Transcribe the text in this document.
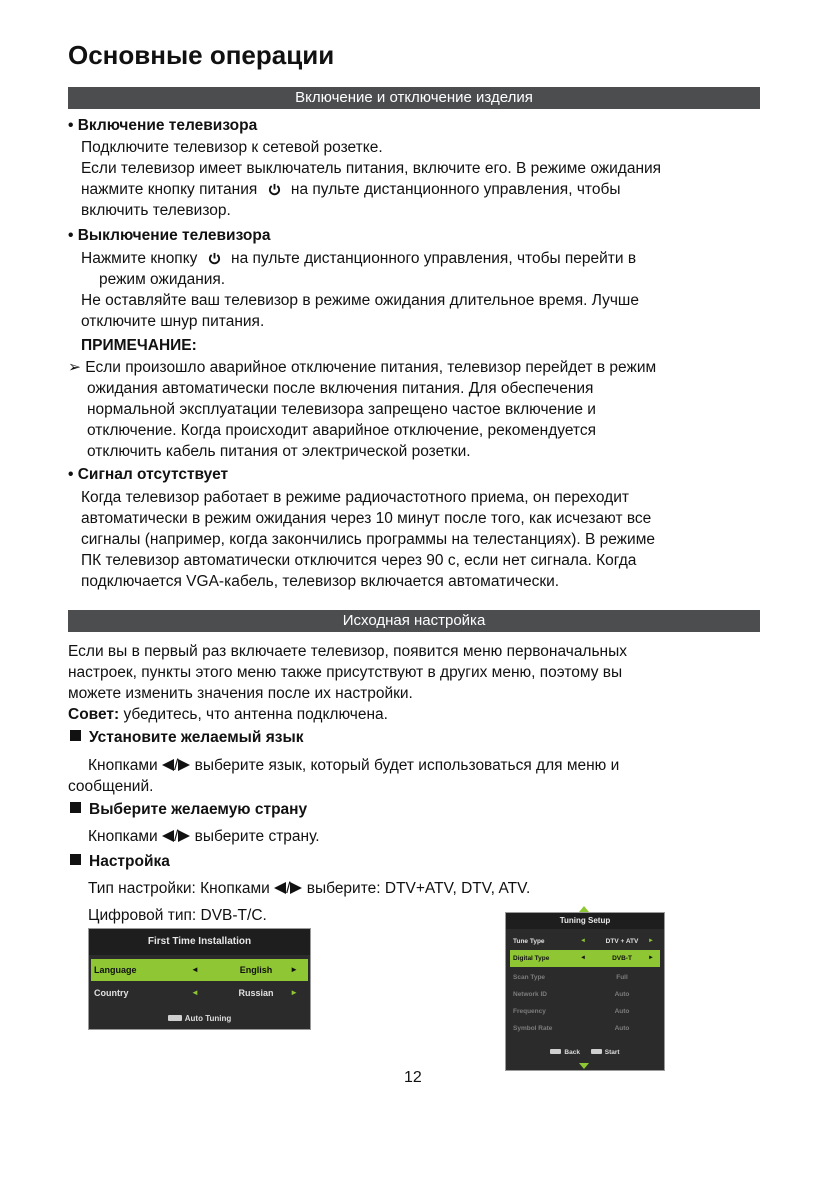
Основные операции
Включение и отключение изделия
• Включение телевизора
Подключите телевизор к сетевой розетке.
Если телевизор имеет выключатель питания, включите его. В режиме ожидания
нажмите кнопку питания на пульте дистанционного управления, чтобы
включить телевизор.
• Выключение телевизора
Нажмите кнопку на пульте дистанционного управления, чтобы перейти в
режим ожидания.
Не оставляйте ваш телевизор в режиме ожидания длительное время. Лучше
отключите шнур питания.
ПРИМЕЧАНИЕ:
➢ Если произошло аварийное отключение питания, телевизор перейдет в режим
ожидания автоматически после включения питания. Для обеспечения
нормальной эксплуатации телевизора запрещено частое включение и
отключение. Когда происходит аварийное отключение, рекомендуется
отключить кабель питания от электрической розетки.
• Сигнал отсутствует
Когда телевизор работает в режиме радиочастотного приема, он переходит
автоматически в режим ожидания через 10 минут после того, как исчезают все
сигналы (например, когда закончились программы на телестанциях). В режиме
ПК телевизор автоматически отключится через 90 с, если нет сигнала. Когда
подключается VGA-кабель, телевизор включается автоматически.
Исходная настройка
Если вы в первый раз включаете телевизор, появится меню первоначальных
настроек, пункты этого меню также присутствуют в других меню, поэтому вы
можете изменить значения после их настройки.
Совет: убедитесь, что антенна подключена.
Установите желаемый язык
Кнопками / выберите язык, который будет использоваться для меню и
сообщений.
Выберите желаемую страну
Кнопками / выберите страну.
Настройка
Тип настройки: Кнопками / выберите: DTV+ATV, DTV, ATV.
Цифровой тип: DVB-T/C.
First Time Installation
Language	◄	English	►
Country	◄	Russian	►
Auto Tuning
Tuning Setup
Tune Type	◄	DTV + ATV	►
Digital Type	◄	DVB-T	►
Scan Type	Full
Network ID	Auto
Frequency	Auto
Symbol Rate	Auto
Back	Start
12
